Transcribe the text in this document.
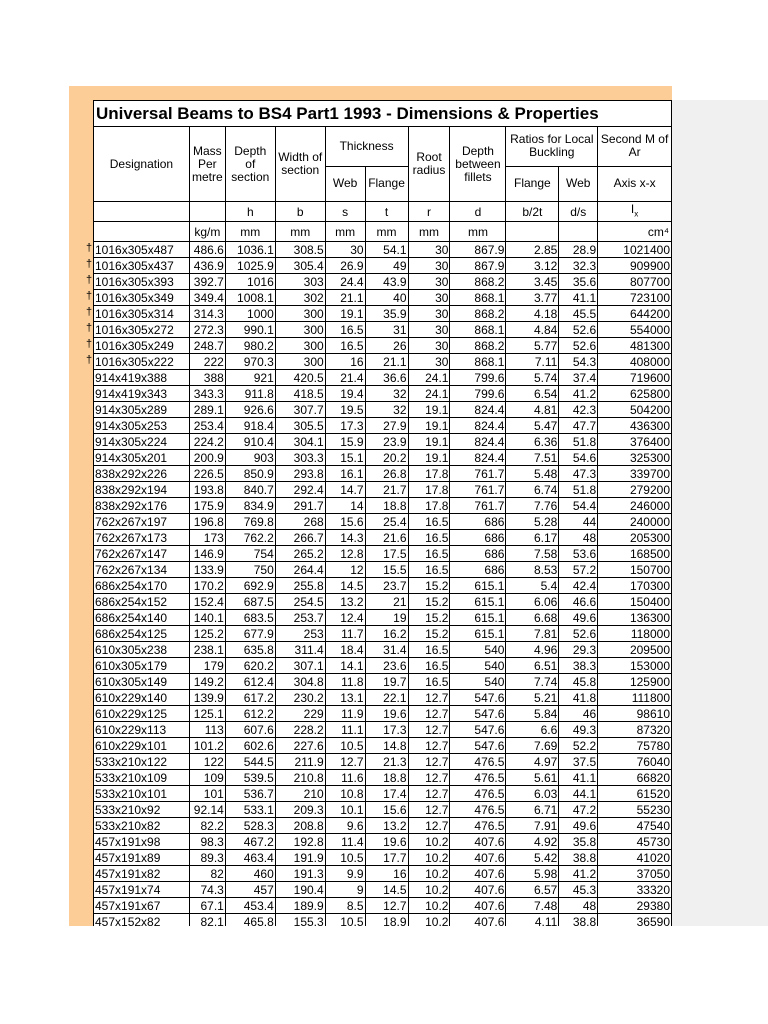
Universal Beams to BS4 Part1 1993 - Dimensions & Properties										
Designation	Mass Per metre	Depth of section	Width of section	Thickness		Root radius	Depth between fillets	Ratios for Local Buckling		Second M of Ar
				Web	Flange			Flange	Web	Axis x-x
		h	b	s	t	r	d	b/2t	d/s	$I_x$
	kg/m	mm	mm	mm	mm	mm	mm			cm⁴
1016x305x487	486.6	1036.1	308.5	30	54.1	30	867.9	2.85	28.9	1021400
1016x305x437	436.9	1025.9	305.4	26.9	49	30	867.9	3.12	32.3	909900
1016x305x393	392.7	1016	303	24.4	43.9	30	868.2	3.45	35.6	807700
1016x305x349	349.4	1008.1	302	21.1	40	30	868.1	3.77	41.1	723100
1016x305x314	314.3	1000	300	19.1	35.9	30	868.2	4.18	45.5	644200
1016x305x272	272.3	990.1	300	16.5	31	30	868.1	4.84	52.6	554000
1016x305x249	248.7	980.2	300	16.5	26	30	868.2	5.77	52.6	481300
1016x305x222	222	970.3	300	16	21.1	30	868.1	7.11	54.3	408000
914x419x388	388	921	420.5	21.4	36.6	24.1	799.6	5.74	37.4	719600
914x419x343	343.3	911.8	418.5	19.4	32	24.1	799.6	6.54	41.2	625800
914x305x289	289.1	926.6	307.7	19.5	32	19.1	824.4	4.81	42.3	504200
914x305x253	253.4	918.4	305.5	17.3	27.9	19.1	824.4	5.47	47.7	436300
914x305x224	224.2	910.4	304.1	15.9	23.9	19.1	824.4	6.36	51.8	376400
914x305x201	200.9	903	303.3	15.1	20.2	19.1	824.4	7.51	54.6	325300
838x292x226	226.5	850.9	293.8	16.1	26.8	17.8	761.7	5.48	47.3	339700
838x292x194	193.8	840.7	292.4	14.7	21.7	17.8	761.7	6.74	51.8	279200
838x292x176	175.9	834.9	291.7	14	18.8	17.8	761.7	7.76	54.4	246000
762x267x197	196.8	769.8	268	15.6	25.4	16.5	686	5.28	44	240000
762x267x173	173	762.2	266.7	14.3	21.6	16.5	686	6.17	48	205300
762x267x147	146.9	754	265.2	12.8	17.5	16.5	686	7.58	53.6	168500
762x267x134	133.9	750	264.4	12	15.5	16.5	686	8.53	57.2	150700
686x254x170	170.2	692.9	255.8	14.5	23.7	15.2	615.1	5.4	42.4	170300
686x254x152	152.4	687.5	254.5	13.2	21	15.2	615.1	6.06	46.6	150400
686x254x140	140.1	683.5	253.7	12.4	19	15.2	615.1	6.68	49.6	136300
686x254x125	125.2	677.9	253	11.7	16.2	15.2	615.1	7.81	52.6	118000
610x305x238	238.1	635.8	311.4	18.4	31.4	16.5	540	4.96	29.3	209500
610x305x179	179	620.2	307.1	14.1	23.6	16.5	540	6.51	38.3	153000
610x305x149	149.2	612.4	304.8	11.8	19.7	16.5	540	7.74	45.8	125900
610x229x140	139.9	617.2	230.2	13.1	22.1	12.7	547.6	5.21	41.8	111800
610x229x125	125.1	612.2	229	11.9	19.6	12.7	547.6	5.84	46	98610
610x229x113	113	607.6	228.2	11.1	17.3	12.7	547.6	6.6	49.3	87320
610x229x101	101.2	602.6	227.6	10.5	14.8	12.7	547.6	7.69	52.2	75780
533x210x122	122	544.5	211.9	12.7	21.3	12.7	476.5	4.97	37.5	76040
533x210x109	109	539.5	210.8	11.6	18.8	12.7	476.5	5.61	41.1	66820
533x210x101	101	536.7	210	10.8	17.4	12.7	476.5	6.03	44.1	61520
533x210x92	92.14	533.1	209.3	10.1	15.6	12.7	476.5	6.71	47.2	55230
533x210x82	82.2	528.3	208.8	9.6	13.2	12.7	476.5	7.91	49.6	47540
457x191x98	98.3	467.2	192.8	11.4	19.6	10.2	407.6	4.92	35.8	45730
457x191x89	89.3	463.4	191.9	10.5	17.7	10.2	407.6	5.42	38.8	41020
457x191x82	82	460	191.3	9.9	16	10.2	407.6	5.98	41.2	37050
457x191x74	74.3	457	190.4	9	14.5	10.2	407.6	6.57	45.3	33320
457x191x67	67.1	453.4	189.9	8.5	12.7	10.2	407.6	7.48	48	29380
457x152x82	82.1	465.8	155.3	10.5	18.9	10.2	407.6	4.11	38.8	36590
†
†
†
†
†
†
†
†
